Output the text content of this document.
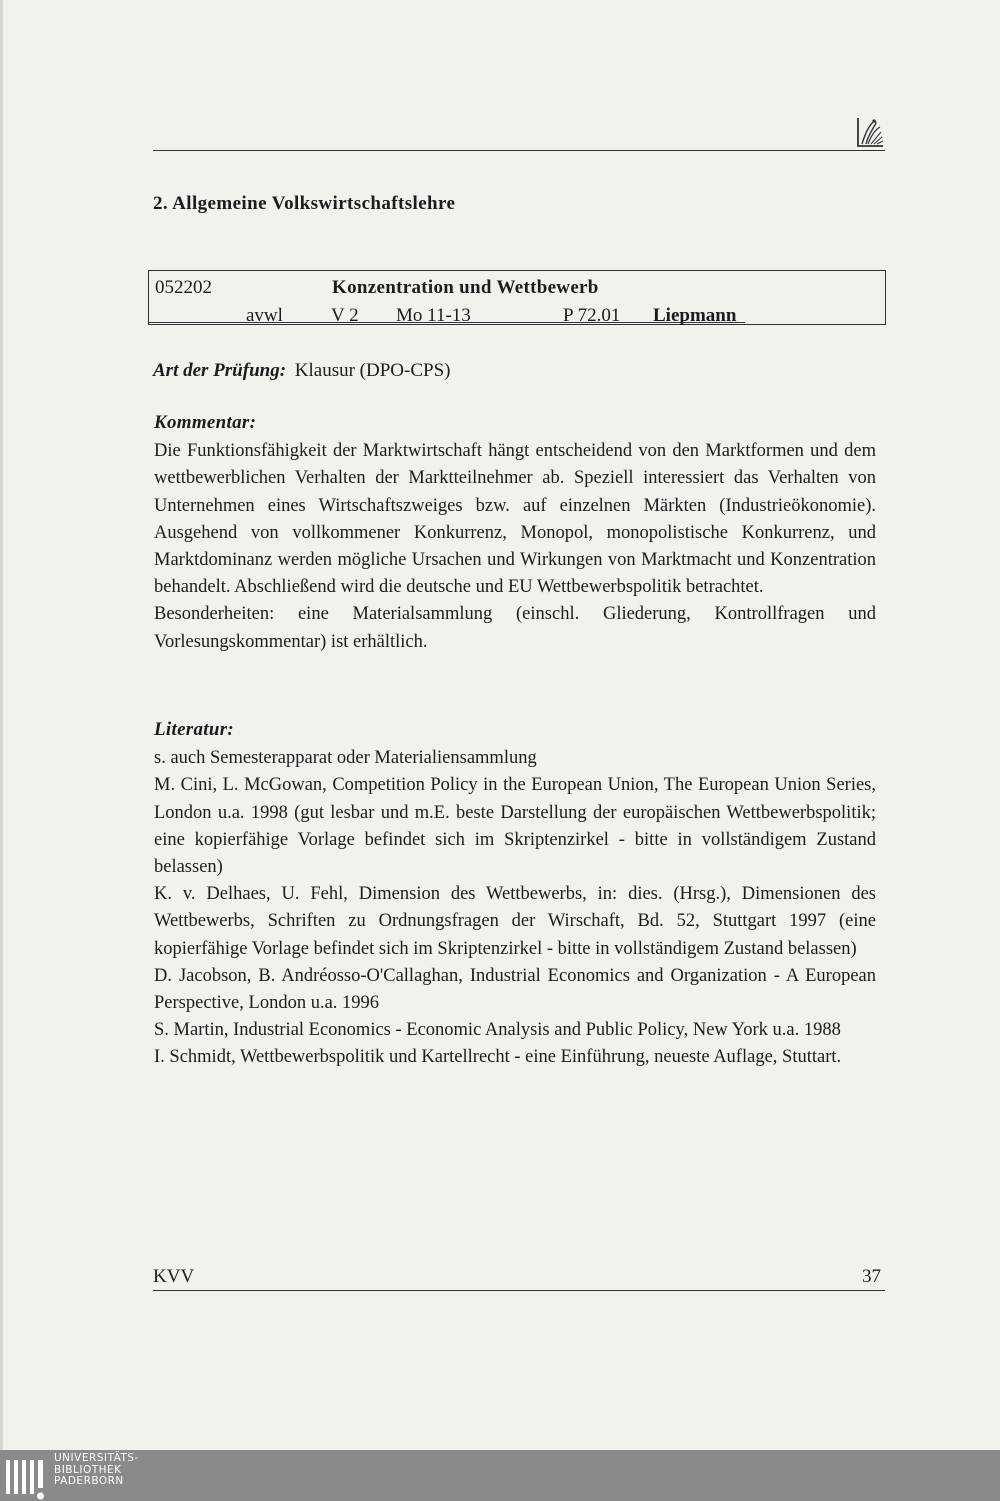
2. Allgemeine Volkswirtschaftslehre
052202	Konzentration und Wettbewerb
avwl	V 2 Mo 11-13	P 72.01 Liepmann
Art der Prüfung: Klausur (DPO-CPS)
Kommentar:

Die Funktionsfähigkeit der Marktwirtschaft hängt entscheidend von den Marktformen und dem wettbewerblichen Verhalten der Marktteilnehmer ab. Speziell interessiert das Verhalten von Unternehmen eines Wirtschaftszweiges bzw. auf einzelnen Märkten (Industrieökonomie). Ausgehend von vollkommener Konkurrenz, Monopol, monopolistische Konkurrenz, und Marktdominanz werden mögliche Ursachen und Wirkungen von Marktmacht und Konzentration behandelt. Abschließend wird die deutsche und EU Wettbewerbspolitik betrachtet.

Besonderheiten: eine Materialsammlung (einschl. Gliederung, Kontrollfragen und Vorlesungskommentar) ist erhältlich.

Literatur:

s. auch Semesterapparat oder Materialiensammlung

M. Cini, L. McGowan, Competition Policy in the European Union, The European Union Series, London u.a. 1998 (gut lesbar und m.E. beste Darstellung der europäischen Wettbewerbspolitik; eine kopierfähige Vorlage befindet sich im Skriptenzirkel - bitte in vollständigem Zustand belassen)

K. v. Delhaes, U. Fehl, Dimension des Wettbewerbs, in: dies. (Hrsg.), Dimensionen des Wettbewerbs, Schriften zu Ordnungsfragen der Wirschaft, Bd. 52, Stuttgart 1997 (eine kopierfähige Vorlage befindet sich im Skriptenzirkel - bitte in vollständigem Zustand belassen)

D. Jacobson, B. Andréosso-O'Callaghan, Industrial Economics and Organization - A European Perspective, London u.a. 1996

S. Martin, Industrial Economics - Economic Analysis and Public Policy, New York u.a. 1988

I. Schmidt, Wettbewerbspolitik und Kartellrecht - eine Einführung, neueste Auflage, Stuttart.

KVV	37
UNIVERSITÄTS-
BIBLIOTHEK
PADERBORN
